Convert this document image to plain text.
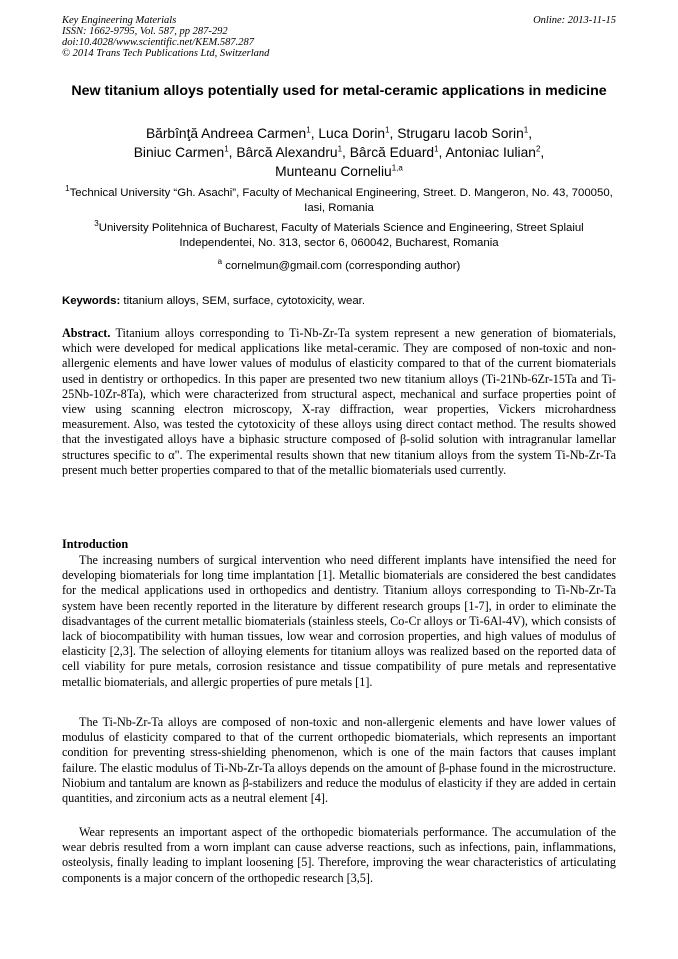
Key Engineering Materials
ISSN: 1662-9795, Vol. 587, pp 287-292
doi:10.4028/www.scientific.net/KEM.587.287
© 2014 Trans Tech Publications Ltd, Switzerland
Online: 2013-11-15
New titanium alloys potentially used for metal-ceramic applications in medicine
Bărbînţă Andreea Carmen$^1$, Luca Dorin$^1$, Strugaru Iacob Sorin$^1$,
Biniuc Carmen$^1$, Bârcă Alexandru$^1$, Bârcă Eduard$^1$, Antoniac Iulian$^2$,
Munteanu Corneliu$^{1,a}$
$^1$Technical University “Gh. Asachi”, Faculty of Mechanical Engineering, Street. D. Mangeron, No. 43, 700050, Iasi, Romania
$^3$University Politehnica of Bucharest, Faculty of Materials Science and Engineering, Street Splaiul Independentei, No. 313, sector 6, 060042, Bucharest, Romania
$^a$ cornelmun@gmail.com (corresponding author)
Keywords: titanium alloys, SEM, surface, cytotoxicity, wear.
Abstract. Titanium alloys corresponding to Ti-Nb-Zr-Ta system represent a new generation of biomaterials, which were developed for medical applications like metal-ceramic. They are composed of non-toxic and non-allergenic elements and have lower values of modulus of elasticity compared to that of the current biomaterials used in dentistry or orthopedics. In this paper are presented two new titanium alloys (Ti-21Nb-6Zr-15Ta and Ti-25Nb-10Zr-8Ta), which were characterized from structural aspect, mechanical and surface properties point of view using scanning electron microscopy, X-ray diffraction, wear properties, Vickers microhardness measurement. Also, was tested the cytotoxicity of these alloys using direct contact method. The results showed that the investigated alloys have a biphasic structure composed of β-solid solution with intragranular lamellar structures specific to α". The experimental results shown that new titanium alloys from the system Ti-Nb-Zr-Ta present much better properties compared to that of the metallic biomaterials used currently.
Introduction

The increasing numbers of surgical intervention who need different implants have intensified the need for developing biomaterials for long time implantation [1]. Metallic biomaterials are considered the best candidates for the medical applications used in orthopedics and dentistry. Titanium alloys corresponding to Ti-Nb-Zr-Ta system have been recently reported in the literature by different research groups [1-7], in order to eliminate the disadvantages of the current metallic biomaterials (stainless steels, Co-Cr alloys or Ti-6Al-4V), which consists of lack of biocompatibility with human tissues, low wear and corrosion properties, and high values of modulus of elasticity [2,3]. The selection of alloying elements for titanium alloys was realized based on the reported data of cell viability for pure metals, corrosion resistance and tissue compatibility of pure metals and representative metallic biomaterials, and allergic properties of pure metals [1].

The Ti-Nb-Zr-Ta alloys are composed of non-toxic and non-allergenic elements and have lower values of modulus of elasticity compared to that of the current orthopedic biomaterials, which represents an important condition for preventing stress-shielding phenomenon, which is one of the main factors that causes implant failure. The elastic modulus of Ti-Nb-Zr-Ta alloys depends on the amount of β-phase found in the microstructure. Niobium and tantalum are known as β-stabilizers and reduce the modulus of elasticity if they are added in certain quantities, and zirconium acts as a neutral element [4].

Wear represents an important aspect of the orthopedic biomaterials performance. The accumulation of the wear debris resulted from a worn implant can cause adverse reactions, such as infections, pain, inflammations, osteolysis, finally leading to implant loosening [5]. Therefore, improving the wear characteristics of articulating components is a major concern of the orthopedic research [3,5].
